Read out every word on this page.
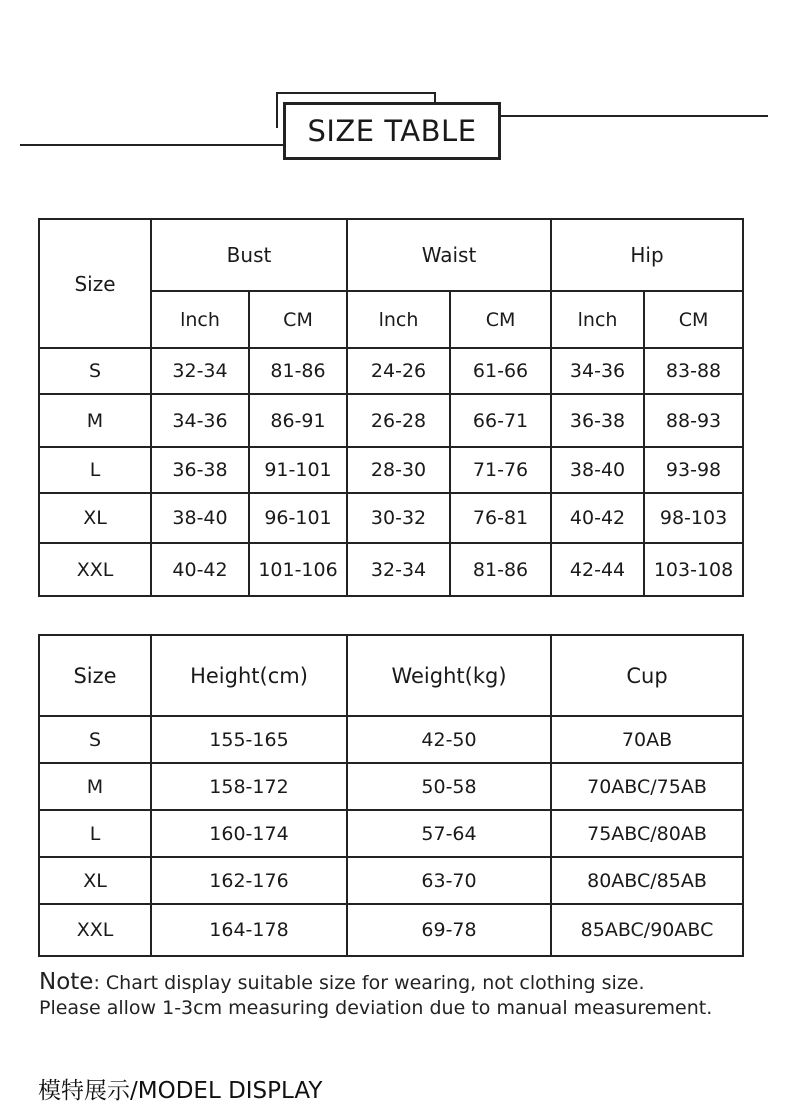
SIZE TABLE
Size	Bust		Waist		Hip	
	lnch	CM	lnch	CM	lnch	CM
S	32-34	81-86	24-26	61-66	34-36	83-88
M	34-36	86-91	26-28	66-71	36-38	88-93
L	36-38	91-101	28-30	71-76	38-40	93-98
XL	38-40	96-101	30-32	76-81	40-42	98-103
XXL	40-42	101-106	32-34	81-86	42-44	103-108
Size	Height(cm)	Weight(kg)	Cup
S	155-165	42-50	70AB
M	158-172	50-58	70ABC/75AB
L	160-174	57-64	75ABC/80AB
XL	162-176	63-70	80ABC/85AB
XXL	164-178	69-78	85ABC/90ABC
Note: Chart display suitable size for wearing, not clothing size.
Please allow 1-3cm measuring deviation due to manual measurement.
模特展示/MODEL DISPLAY
